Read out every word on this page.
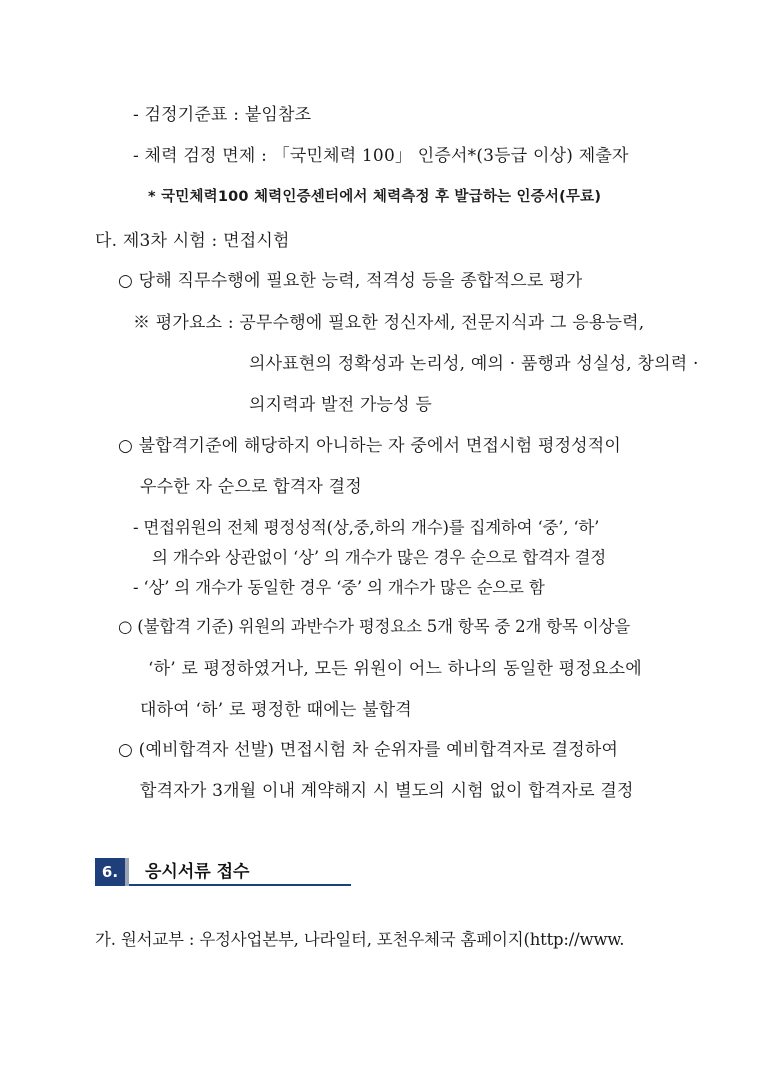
- 검정기준표 : 붙임참조
- 체력 검정 면제 : 「국민체력 100」 인증서*(3등급 이상) 제출자
* 국민체력100 체력인증센터에서 체력측정 후 발급하는 인증서(무료)
다. 제3차 시험 : 면접시험
○ 당해 직무수행에 필요한 능력, 적격성 등을 종합적으로 평가
※ 평가요소 : 공무수행에 필요한 정신자세, 전문지식과 그 응용능력,
의사표현의 정확성과 논리성, 예의 · 품행과 성실성, 창의력 ·
의지력과 발전 가능성 등
○ 불합격기준에 해당하지 아니하는 자 중에서 면접시험 평정성적이
우수한 자 순으로 합격자 결정
- 면접위원의 전체 평정성적(상,중,하의 개수)를 집계하여 ‘중’, ‘하’
의 개수와 상관없이 ‘상’ 의 개수가 많은 경우 순으로 합격자 결정
- ‘상’ 의 개수가 동일한 경우 ‘중’ 의 개수가 많은 순으로 함
○ (불합격 기준) 위원의 과반수가 평정요소 5개 항목 중 2개 항목 이상을
‘하’ 로 평정하였거나, 모든 위원이 어느 하나의 동일한 평정요소에
대하여 ‘하’ 로 평정한 때에는 불합격
○ (예비합격자 선발) 면접시험 차 순위자를 예비합격자로 결정하여
합격자가 3개월 이내 계약해지 시 별도의 시험 없이 합격자로 결정
6.	응시서류 접수
가. 원서교부 : 우정사업본부, 나라일터, 포천우체국 홈페이지(http://www.
